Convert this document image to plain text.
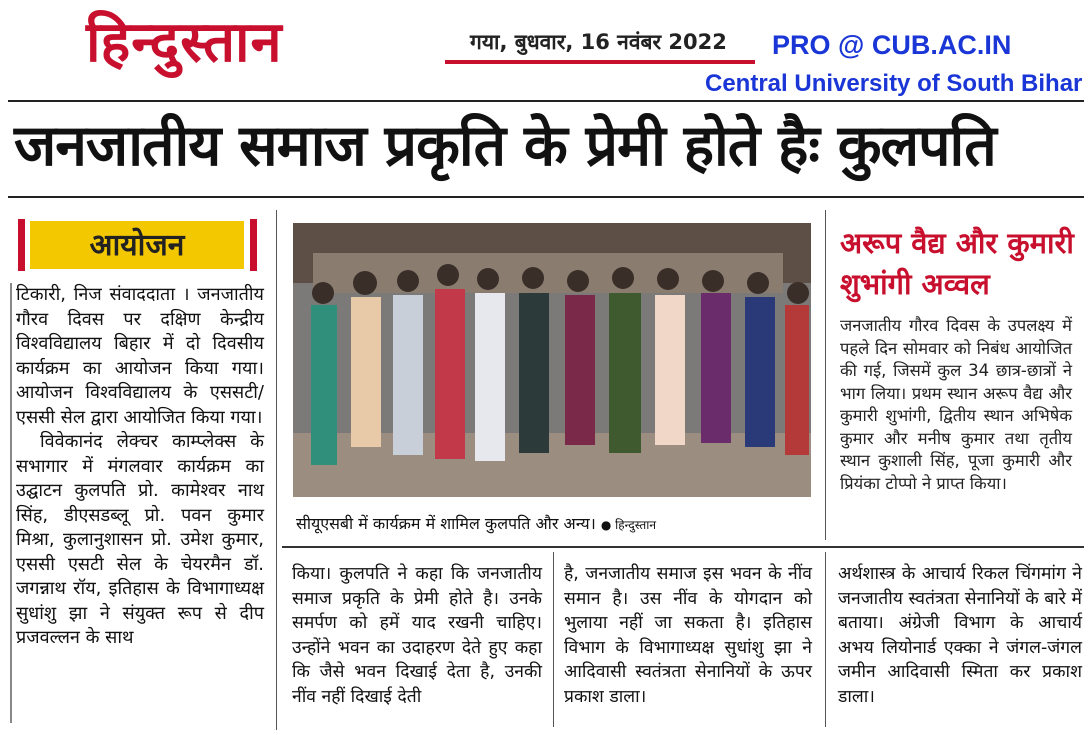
हिन्दुस्तान	गया, बुधवार, 16 नवंबर 2022 PRO @ CUB.AC.IN
Central University of South Bihar
जनजातीय समाज प्रकृति के प्रेमी होते हैः कुलपति
आयोजन

टिकारी, निज संवाददाता । जनजातीय गौरव दिवस पर दक्षिण केन्द्रीय विश्वविद्यालय बिहार में दो दिवसीय कार्यक्रम का आयोजन किया गया। आयोजन विश्वविद्यालय के एससटी/ एससी सेल द्वारा आयोजित किया गया।

विवेकानंद लेक्चर काम्प्लेक्स के सभागार में मंगलवार कार्यक्रम का उद्घाटन कुलपति प्रो. कामेश्वर नाथ सिंह, डीएसडब्लू प्रो. पवन कुमार मिश्रा, कुलानुशासन प्रो. उमेश कुमार, एससी एसटी सेल के चेयरमैन डॉ. जगन्नाथ रॉय, इतिहास के विभागाध्यक्ष सुधांशु झा ने संयुक्त रूप से दीप प्रजवल्लन के साथ

सीयूएसबी में कार्यक्रम में शामिल कुलपति और अन्य। ● हिन्दुस्तान
अरूप वैद्य और कुमारी
शुभांगी अव्वल
जनजातीय गौरव दिवस के उपलक्ष्य में पहले दिन सोमवार को निबंध आयोजित की गई, जिसमें कुल 34 छात्र-छात्रों ने भाग लिया। प्रथम स्थान अरूप वैद्य और कुमारी शुभांगी, द्वितीय स्थान अभिषेक कुमार और मनीष कुमार तथा तृतीय स्थान कुशाली सिंह, पूजा कुमारी और प्रियंका टोप्पो ने प्राप्त किया।
किया। कुलपति ने कहा कि जनजातीय समाज प्रकृति के प्रेमी होते है। उनके समर्पण को हमें याद रखनी चाहिए। उन्होंने भवन का उदाहरण देते हुए कहा कि जैसे भवन दिखाई देता है, उनकी नींव नहीं दिखाई देती
है, जनजातीय समाज इस भवन के नींव समान है। उस नींव के योगदान को भुलाया नहीं जा सकता है। इतिहास विभाग के विभागाध्यक्ष सुधांशु झा ने आदिवासी स्वतंत्रता सेनानियों के ऊपर प्रकाश डाला।
अर्थशास्त्र के आचार्य रिकल चिंगमांग ने जनजातीय स्वतंत्रता सेनानियों के बारे में बताया। अंग्रेजी विभाग के आचार्य अभय लियोनार्ड एक्का ने जंगल-जंगल जमीन आदिवासी स्मिता कर प्रकाश डाला।
